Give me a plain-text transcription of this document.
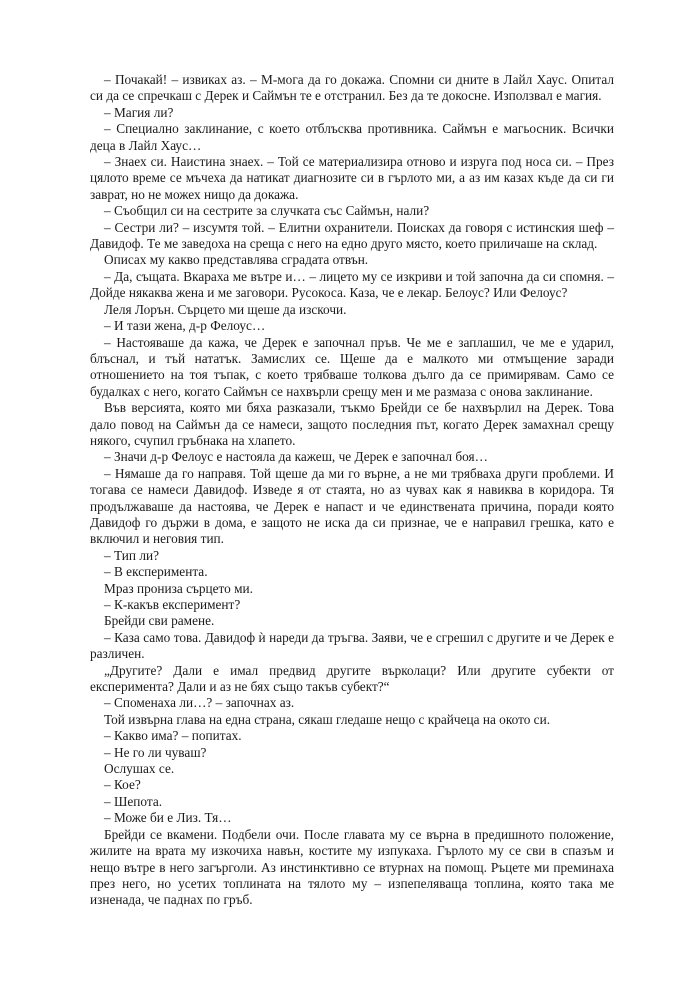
– Почакай! – извиках аз. – М-мога да го докажа. Спомни си дните в Лайл Хаус. Опитал си да се спречкаш с Дерек и Саймън те е отстранил. Без да те докосне. Използвал е магия.

– Магия ли?

– Специално заклинание, с което отблъсква противника. Саймън е магьосник. Всички деца в Лайл Хаус…

– Знаех си. Наистина знаех. – Той се материализира отново и изруга под носа си. – През цялото време се мъчеха да натикат диагнозите си в гърлото ми, а аз им казах къде да си ги заврат, но не можех нищо да докажа.

– Съобщил си на сестрите за случката със Саймън, нали?

– Сестри ли? – изсумтя той. – Елитни охранители. Поисках да говоря с истинския шеф – Давидоф. Те ме заведоха на среща с него на едно друго място, което приличаше на склад.

Описах му какво представлява сградата отвън.

– Да, същата. Вкараха ме вътре и… – лицето му се изкриви и той започна да си спомня. – Дойде някаква жена и ме заговори. Русокоса. Каза, че е лекар. Белоус? Или Фелоус?

Леля Лорън. Сърцето ми щеше да изскочи.

– И тази жена, д-р Фелоус…

– Настояваше да кажа, че Дерек е започнал пръв. Че ме е заплашил, че ме е ударил, блъснал, и тъй нататък. Замислих се. Щеше да е малкото ми отмъщение заради отношението на тоя тъпак, с което трябваше толкова дълго да се примирявам. Само се будалках с него, когато Саймън се нахвърли срещу мен и ме размаза с онова заклинание.

Във версията, която ми бяха разказали, тъкмо Брейди се бе нахвърлил на Дерек. Това дало повод на Саймън да се намеси, защото последния път, когато Дерек замахнал срещу някого, счупил гръбнака на хлапето.

– Значи д-р Фелоус е настояла да кажеш, че Дерек е започнал боя…

– Нямаше да го направя. Той щеше да ми го върне, а не ми трябваха други проблеми. И тогава се намеси Давидоф. Изведе я от стаята, но аз чувах как я навиква в коридора. Тя продължаваше да настоява, че Дерек е напаст и че единствената причина, поради която Давидоф го държи в дома, е защото не иска да си признае, че е направил грешка, като е включил и неговия тип.

– Тип ли?

– В експеримента.

Мраз прониза сърцето ми.

– К-какъв експеримент?

Брейди сви рамене.

– Каза само това. Давидоф ѝ нареди да тръгва. Заяви, че е сгрешил с другите и че Дерек е различен.

„Другите? Дали е имал предвид другите върколаци? Или другите субекти от експеримента? Дали и аз не бях също такъв субект?“

– Споменаха ли…? – започнах аз.

Той извърна глава на една страна, сякаш гледаше нещо с крайчеца на окото си.

– Какво има? – попитах.

– Не го ли чуваш?

Ослушах се.

– Кое?

– Шепота.

– Може би е Лиз. Тя…

Брейди се вкамени. Подбели очи. После главата му се върна в предишното положение, жилите на врата му изкочиха навън, костите му изпукаха. Гърлото му се сви в спазъм и нещо вътре в него загърголи. Аз инстинктивно се втурнах на помощ. Ръцете ми преминаха през него, но усетих топлината на тялото му – изпепеляваща топлина, която така ме изненада, че паднах по гръб.
